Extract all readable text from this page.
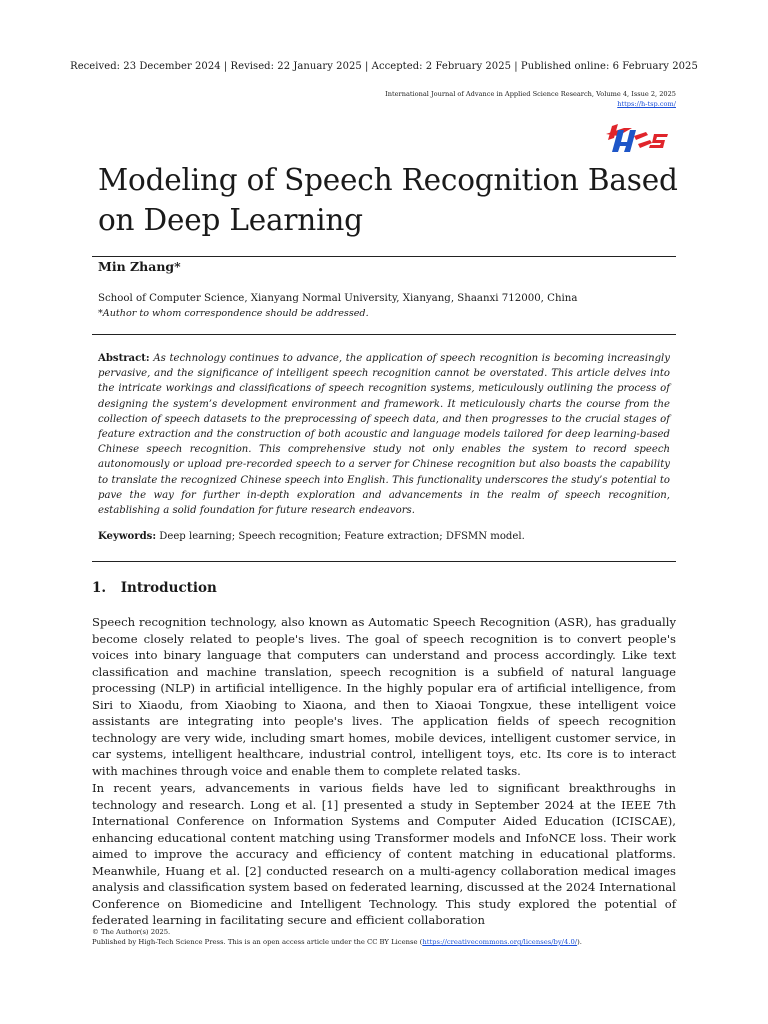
Received: 23 December 2024 | Revised: 22 January 2025 | Accepted: 2 February 2025 | Published online: 6 February 2025
International Journal of Advance in Applied Science Research, Volume 4, Issue 2, 2025
https://h-tsp.com/
Modeling of Speech Recognition Based on Deep Learning
Min Zhang*
School of Computer Science, Xianyang Normal University, Xianyang, Shaanxi 712000, China
*Author to whom correspondence should be addressed.

Abstract: As technology continues to advance, the application of speech recognition is becoming increasingly pervasive, and the significance of intelligent speech recognition cannot be overstated. This article delves into the intricate workings and classifications of speech recognition systems, meticulously outlining the process of designing the system’s development environment and framework. It meticulously charts the course from the collection of speech datasets to the preprocessing of speech data, and then progresses to the crucial stages of feature extraction and the construction of both acoustic and language models tailored for deep learning-based Chinese speech recognition. This comprehensive study not only enables the system to record speech autonomously or upload pre-recorded speech to a server for Chinese recognition but also boasts the capability to translate the recognized Chinese speech into English. This functionality underscores the study’s potential to pave the way for further in-depth exploration and advancements in the realm of speech recognition, establishing a solid foundation for future research endeavors.

Keywords: Deep learning; Speech recognition; Feature extraction; DFSMN model.
1. Introduction

Speech recognition technology, also known as Automatic Speech Recognition (ASR), has gradually become closely related to people's lives. The goal of speech recognition is to convert people's voices into binary language that computers can understand and process accordingly. Like text classification and machine translation, speech recognition is a subfield of natural language processing (NLP) in artificial intelligence. In the highly popular era of artificial intelligence, from Siri to Xiaodu, from Xiaobing to Xiaona, and then to Xiaoai Tongxue, these intelligent voice assistants are integrating into people's lives. The application fields of speech recognition technology are very wide, including smart homes, mobile devices, intelligent customer service, in car systems, intelligent healthcare, industrial control, intelligent toys, etc. Its core is to interact with machines through voice and enable them to complete related tasks.

In recent years, advancements in various fields have led to significant breakthroughs in technology and research. Long et al. [1] presented a study in September 2024 at the IEEE 7th International Conference on Information Systems and Computer Aided Education (ICISCAE), enhancing educational content matching using Transformer models and InfoNCE loss. Their work aimed to improve the accuracy and efficiency of content matching in educational platforms. Meanwhile, Huang et al. [2] conducted research on a multi-agency collaboration medical images analysis and classification system based on federated learning, discussed at the 2024 International Conference on Biomedicine and Intelligent Technology. This study explored the potential of federated learning in facilitating secure and efficient collaboration

© The Author(s) 2025.
Published by High-Tech Science Press. This is an open access article under the CC BY License (https://creativecommons.org/licenses/by/4.0/).
